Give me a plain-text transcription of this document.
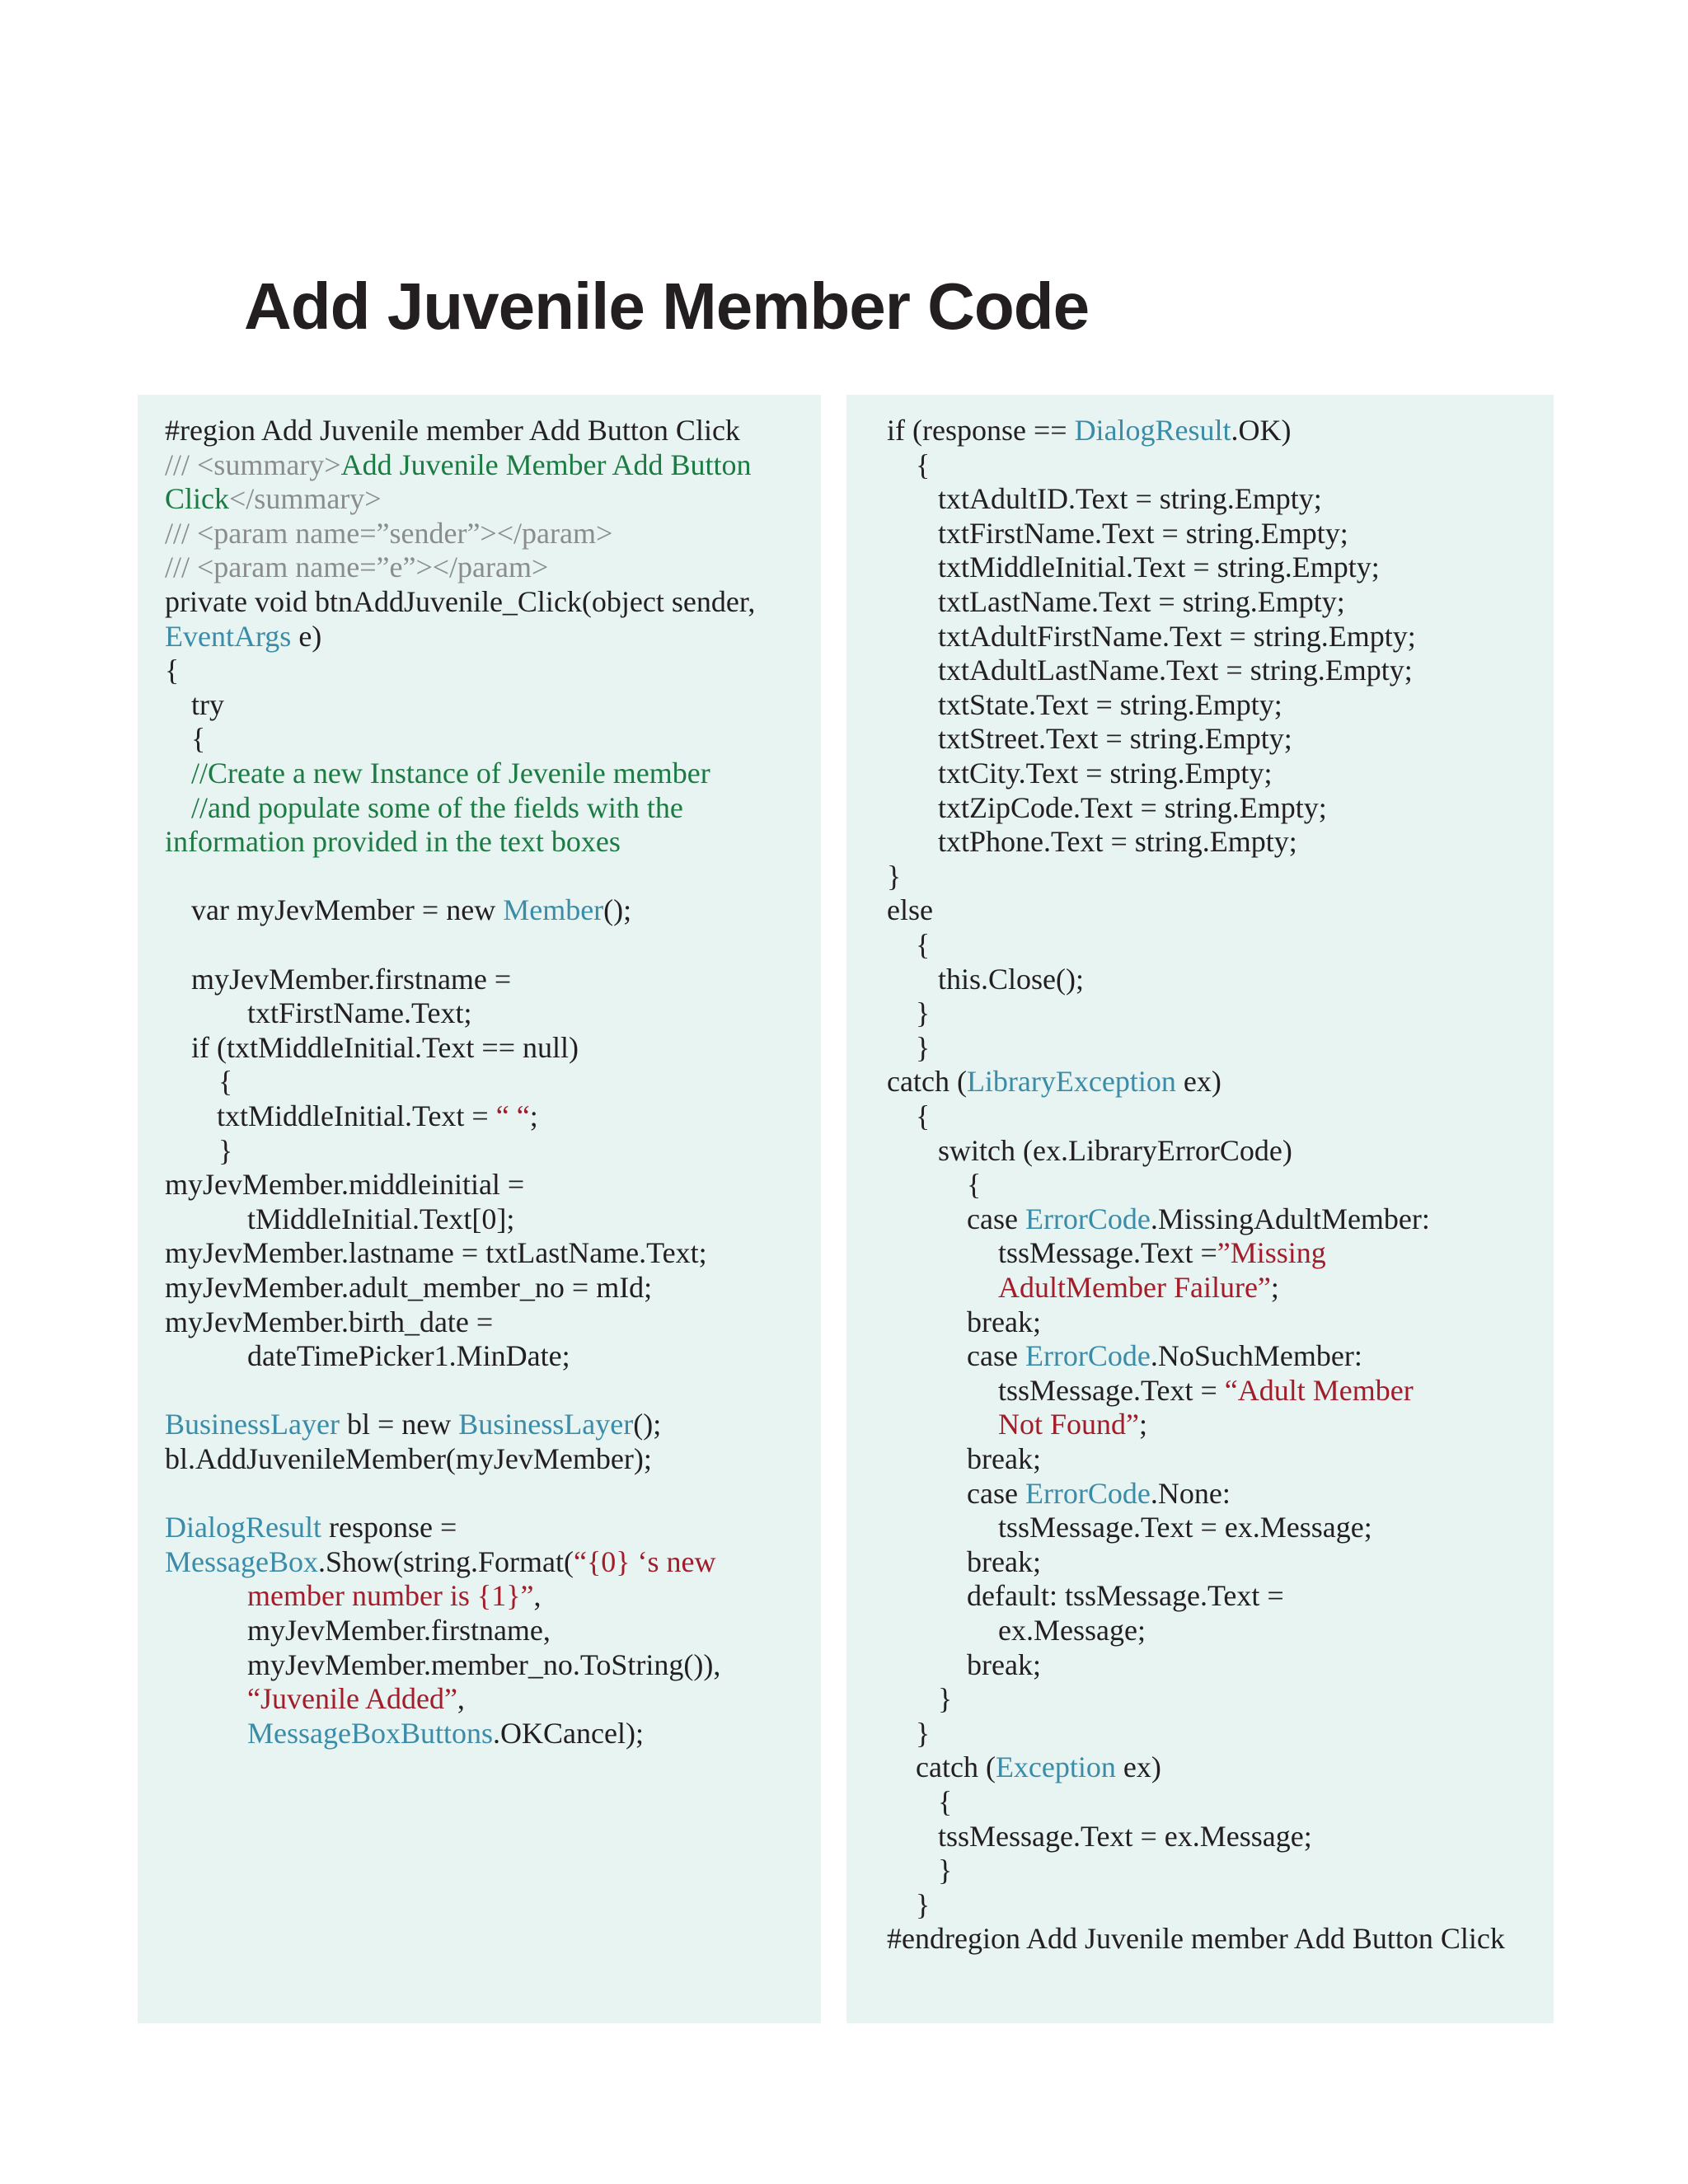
Add Juvenile Member Code
#region Add Juvenile member Add Button Click
/// <summary>Add Juvenile Member Add Button
Click</summary>
/// <param name=”sender”></param>
/// <param name=”e”></param>
private void btnAddJuvenile_Click(object sender,
EventArgs e)
{
try
{
//Create a new Instance of Jevenile member
//and populate some of the fields with the
information provided in the text boxes
var myJevMember = new Member();
myJevMember.firstname =
txtFirstName.Text;
if (txtMiddleInitial.Text == null)
{
txtMiddleInitial.Text = “ “;
}
myJevMember.middleinitial =
tMiddleInitial.Text[0];
myJevMember.lastname = txtLastName.Text;
myJevMember.adult_member_no = mId;
myJevMember.birth_date =
dateTimePicker1.MinDate;
BusinessLayer bl = new BusinessLayer();
bl.AddJuvenileMember(myJevMember);
DialogResult response =
MessageBox.Show(string.Format(“{0} ‘s new
member number is {1}”,
myJevMember.firstname,
myJevMember.member_no.ToString()),
“Juvenile Added”,
MessageBoxButtons.OKCancel);
if (response == DialogResult.OK)
{
txtAdultID.Text = string.Empty;
txtFirstName.Text = string.Empty;
txtMiddleInitial.Text = string.Empty;
txtLastName.Text = string.Empty;
txtAdultFirstName.Text = string.Empty;
txtAdultLastName.Text = string.Empty;
txtState.Text = string.Empty;
txtStreet.Text = string.Empty;
txtCity.Text = string.Empty;
txtZipCode.Text = string.Empty;
txtPhone.Text = string.Empty;
}
else
{
this.Close();
}
}
catch (LibraryException ex)
{
switch (ex.LibraryErrorCode)
{
case ErrorCode.MissingAdultMember:
tssMessage.Text =”Missing
AdultMember Failure”;
break;
case ErrorCode.NoSuchMember:
tssMessage.Text = “Adult Member
Not Found”;
break;
case ErrorCode.None:
tssMessage.Text = ex.Message;
break;
default: tssMessage.Text =
ex.Message;
break;
}
}
catch (Exception ex)
{
tssMessage.Text = ex.Message;
}
}
#endregion Add Juvenile member Add Button Click
